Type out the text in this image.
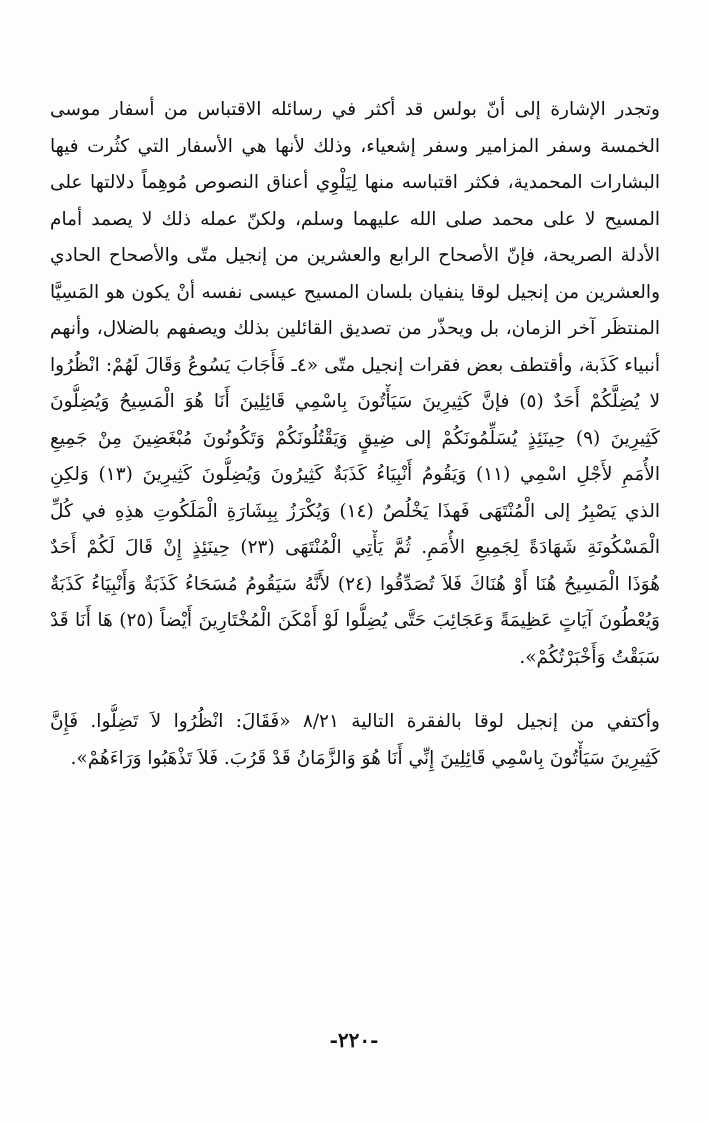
وتجدر الإشارة إلى أنّ بولس قد أكثر في رسائله الاقتباس من أسفار موسى
الخمسة وسفر المزامير وسفر إشعياء، وذلك لأنها هي الأسفار التي كثُرت فيها
البشارات المحمدية، فكثر اقتباسه منها لِيَلْوِي أعناق النصوص مُوهِماً دلالتها على
المسيح لا على محمد صلى الله عليهما وسلم، ولكنّ عمله ذلك لا يصمد أمام
الأدلة الصريحة، فإنّ الأصحاح الرابع والعشرين من إنجيل متّى والأصحاح الحادي
والعشرين من إنجيل لوقا ينفيان بلسان المسيح عيسى نفسه أنْ يكون هو المَسِيَّا
المنتظَر آخر الزمان، بل ويحذّر من تصديق القائلين بذلك ويصفهم بالضلال، وأنهم
أنبياء كَذَبة، وأقتطف بعض فقرات إنجيل متّى «٤ـ فَأَجَابَ يَسُوعُ وَقَالَ لَهُمْ: انْظُرُوا
لا يُضِلَّكُمْ أَحَدٌ (٥) فإنَّ كَثِيرِينَ سَيَأْتُونَ بِاسْمِي قَائِلِينَ أَنَا هُوَ الْمَسِيحُ وَيُضِلُّونَ
كَثِيرِينَ (٩) حِينَئِذٍ يُسَلِّمُونَكُمْ إلى ضِيقٍ وَيَقْتُلُونَكُمْ وَتَكُونُونَ مُبْغَضِينَ مِنْ جَمِيعِ
الأُمَمِ لأَجْلِ اسْمِي (١١) وَيَقُومُ أَنْبِيَاءُ كَذَبَةٌ كَثِيرُونَ وَيُضِلُّونَ كَثِيرِينَ (١٣) وَلكِنِ
الذي يَصْبِرُ إلى الْمُنْتَهَى فَهذَا يَخْلُصُ (١٤) وَيُكْرَزُ بِبِشَارَةِ الْمَلَكُوتِ هذِهِ في كُلِّ
الْمَسْكُونَةِ شَهَادَةً لِجَمِيعِ الأُمَمِ. ثُمَّ يَأْتِي الْمُنْتَهَى (٢٣) حِينَئِذٍ إِنْ قَالَ لَكُمْ أَحَدٌ
هُوَذَا الْمَسِيحُ هُنَا أَوْ هُنَاكَ فَلاَ تُصَدِّقُوا (٢٤) لأَنَّهُ سَيَقُومُ مُسَحَاءُ كَذَبَةٌ وَأَنْبِيَاءُ كَذَبَةٌ
وَيُعْطُونَ آيَاتٍ عَظِيمَةً وَعَجَائِبَ حَتَّى يُضِلُّوا لَوْ أَمْكَنَ الْمُخْتَارِينَ أَيْضاً (٢٥) هَا أَنَا قَدْ
سَبَقْتُ وَأَخْبَرْتُكُمْ».
وأكتفي من إنجيل لوقا بالفقرة التالية ٨/٢١ «فَقَالَ: انْظُرُوا لاَ تَضِلُّوا. فَإِنَّ
كَثِيرِينَ سَيَأْتُونَ بِاسْمِي قَائِلِينَ إِنِّي أَنَا هُوَ وَالزَّمَانُ قَدْ قَرُبَ. فَلاَ تَذْهَبُوا وَرَاءَهُمْ».
-٢٢٠-
